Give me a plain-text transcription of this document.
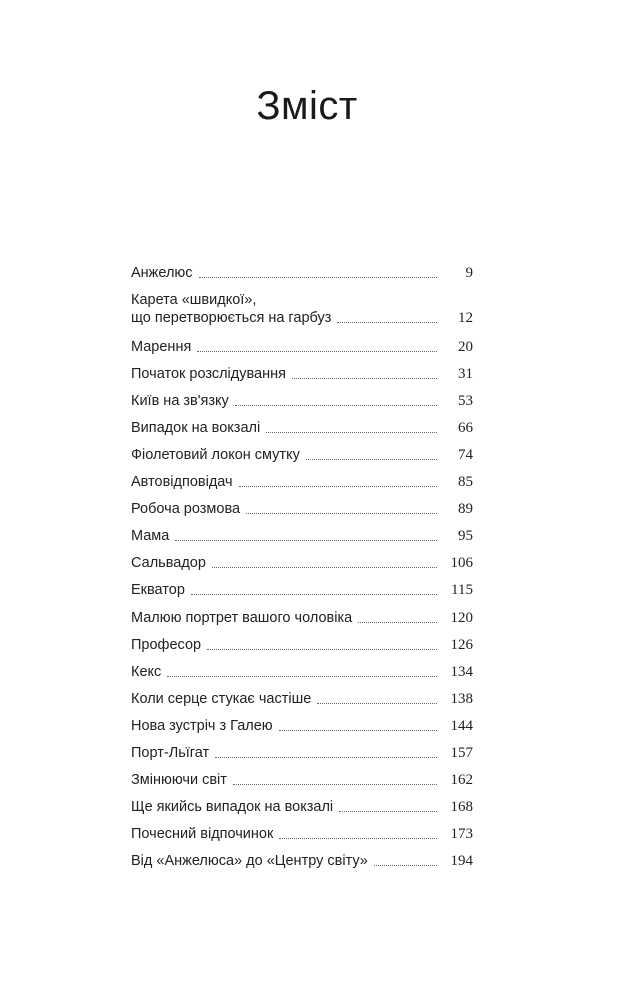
Зміст
Анжелюс	9
Карета «швидкої»,
що перетворюється на гарбуз	12
Марення	20
Початок розслідування	31
Київ на зв'язку	53
Випадок на вокзалі	66
Фіолетовий локон смутку	74
Автовідповідач	85
Робоча розмова	89
Мама	95
Сальвадор	106
Екватор	115
Малюю портрет вашого чоловіка	120
Професор	126
Кекс	134
Коли серце стукає частіше	138
Нова зустріч з Галею	144
Порт-Льїгат	157
Змінюючи світ	162
Ще якийсь випадок на вокзалі	168
Почесний відпочинок	173
Від «Анжелюса» до «Центру світу»	194
